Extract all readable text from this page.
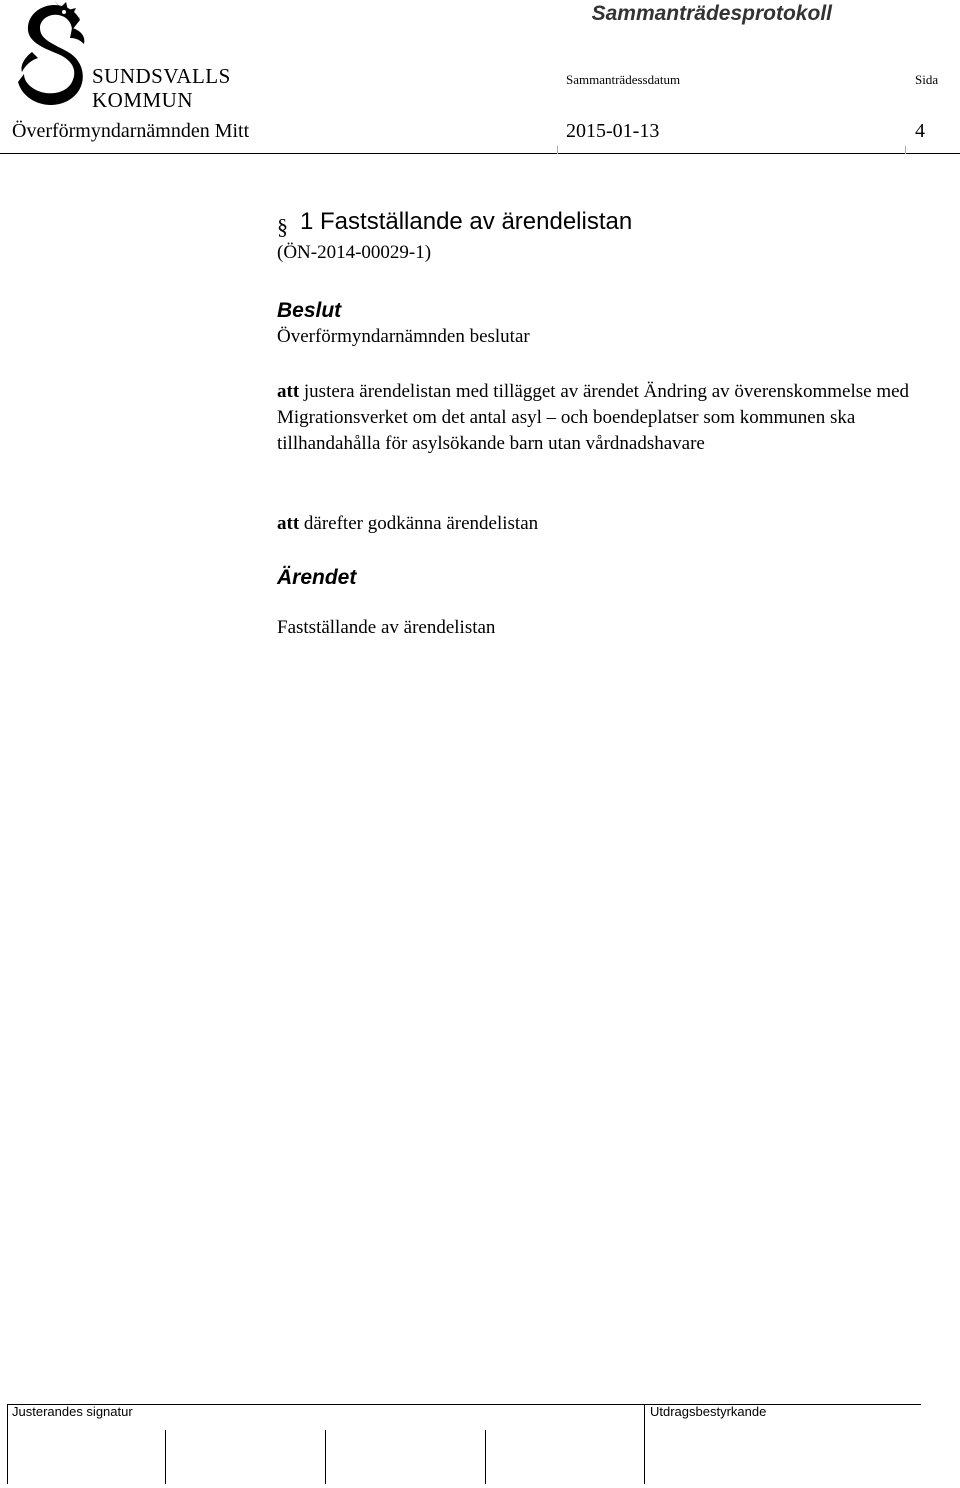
Sammanträdesprotokoll
SUNDSVALLS
KOMMUN
Sammanträdessdatum	Sida
Överförmyndarnämnden Mitt	2015-01-13	4
§ 1 Fastställande av ärendelistan
(ÖN-2014-00029-1)
Beslut
Överförmyndarnämnden beslutar
att justera ärendelistan med tillägget av ärendet Ändring av överenskommelse med Migrationsverket om det antal asyl – och boendeplatser som kommunen ska tillhandahålla för asylsökande barn utan vårdnadshavare
att därefter godkänna ärendelistan
Ärendet
Fastställande av ärendelistan
Justerandes signatur	Utdragsbestyrkande
